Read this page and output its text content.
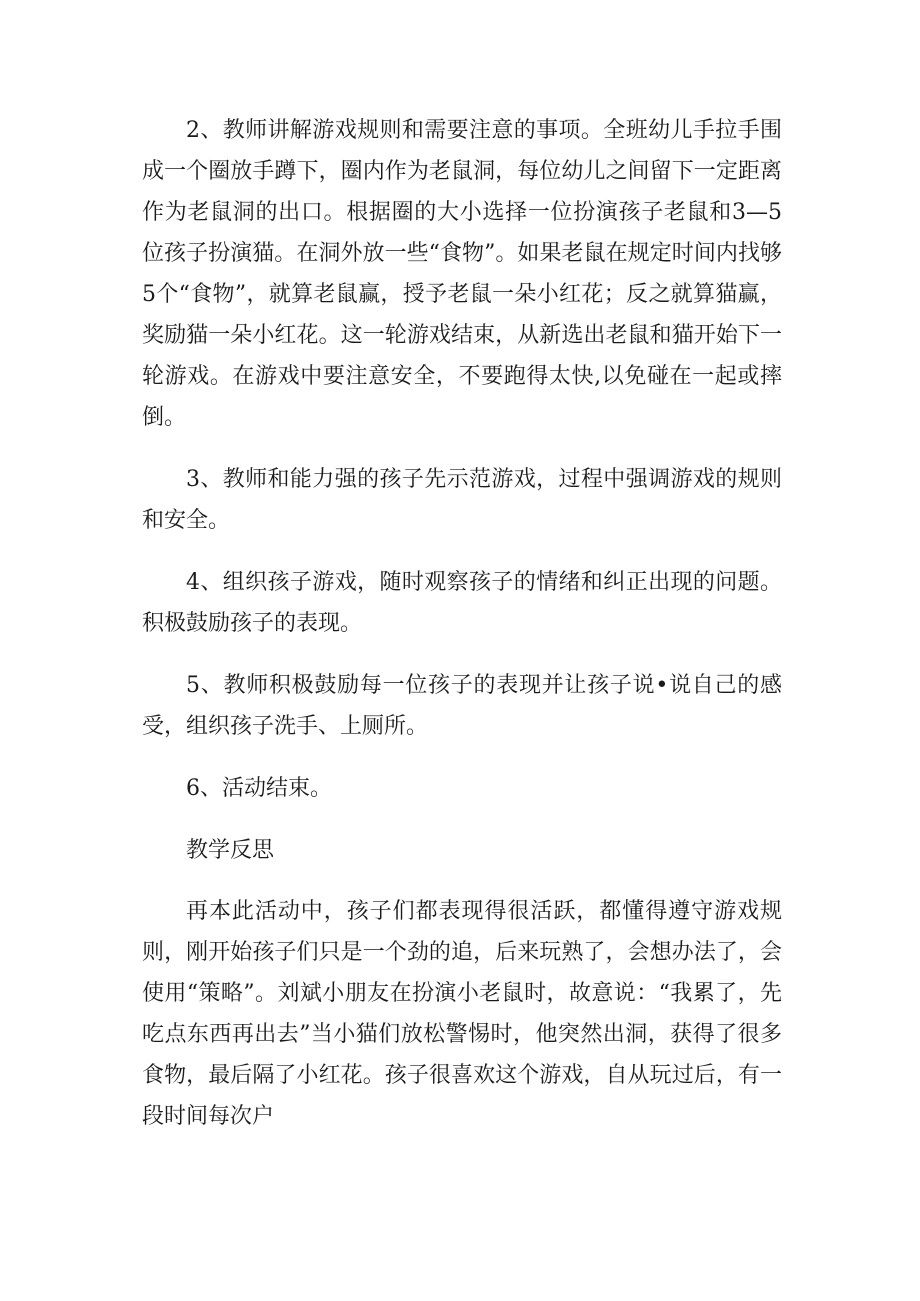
2、教师讲解游戏规则和需要注意的事项。全班幼儿手拉手围成一个圈放手蹲下，圈内作为老鼠洞，每位幼儿之间留下一定距离作为老鼠洞的出口。根据圈的大小选择一位扮演孩子老鼠和3—5位孩子扮演猫。在洞外放一些“食物”。如果老鼠在规定时间内找够5个“食物”，就算老鼠赢，授予老鼠一朵小红花；反之就算猫赢，奖励猫一朵小红花。这一轮游戏结束，从新选出老鼠和猫开始下一轮游戏。在游戏中要注意安全，不要跑得太快,以免碰在一起或摔倒。

3、教师和能力强的孩子先示范游戏，过程中强调游戏的规则和安全。

4、组织孩子游戏，随时观察孩子的情绪和纠正出现的问题。积极鼓励孩子的表现。

5、教师积极鼓励每一位孩子的表现并让孩子说•说自己的感受，组织孩子洗手、上厕所。

6、活动结束。

教学反思

再本此活动中，孩子们都表现得很活跃，都懂得遵守游戏规则，刚开始孩子们只是一个劲的追，后来玩熟了，会想办法了，会使用“策略”。刘斌小朋友在扮演小老鼠时，故意说：“我累了，先吃点东西再出去”当小猫们放松警惕时，他突然出洞，获得了很多食物，最后隔了小红花。孩子很喜欢这个游戏，自从玩过后，有一段时间每次户
